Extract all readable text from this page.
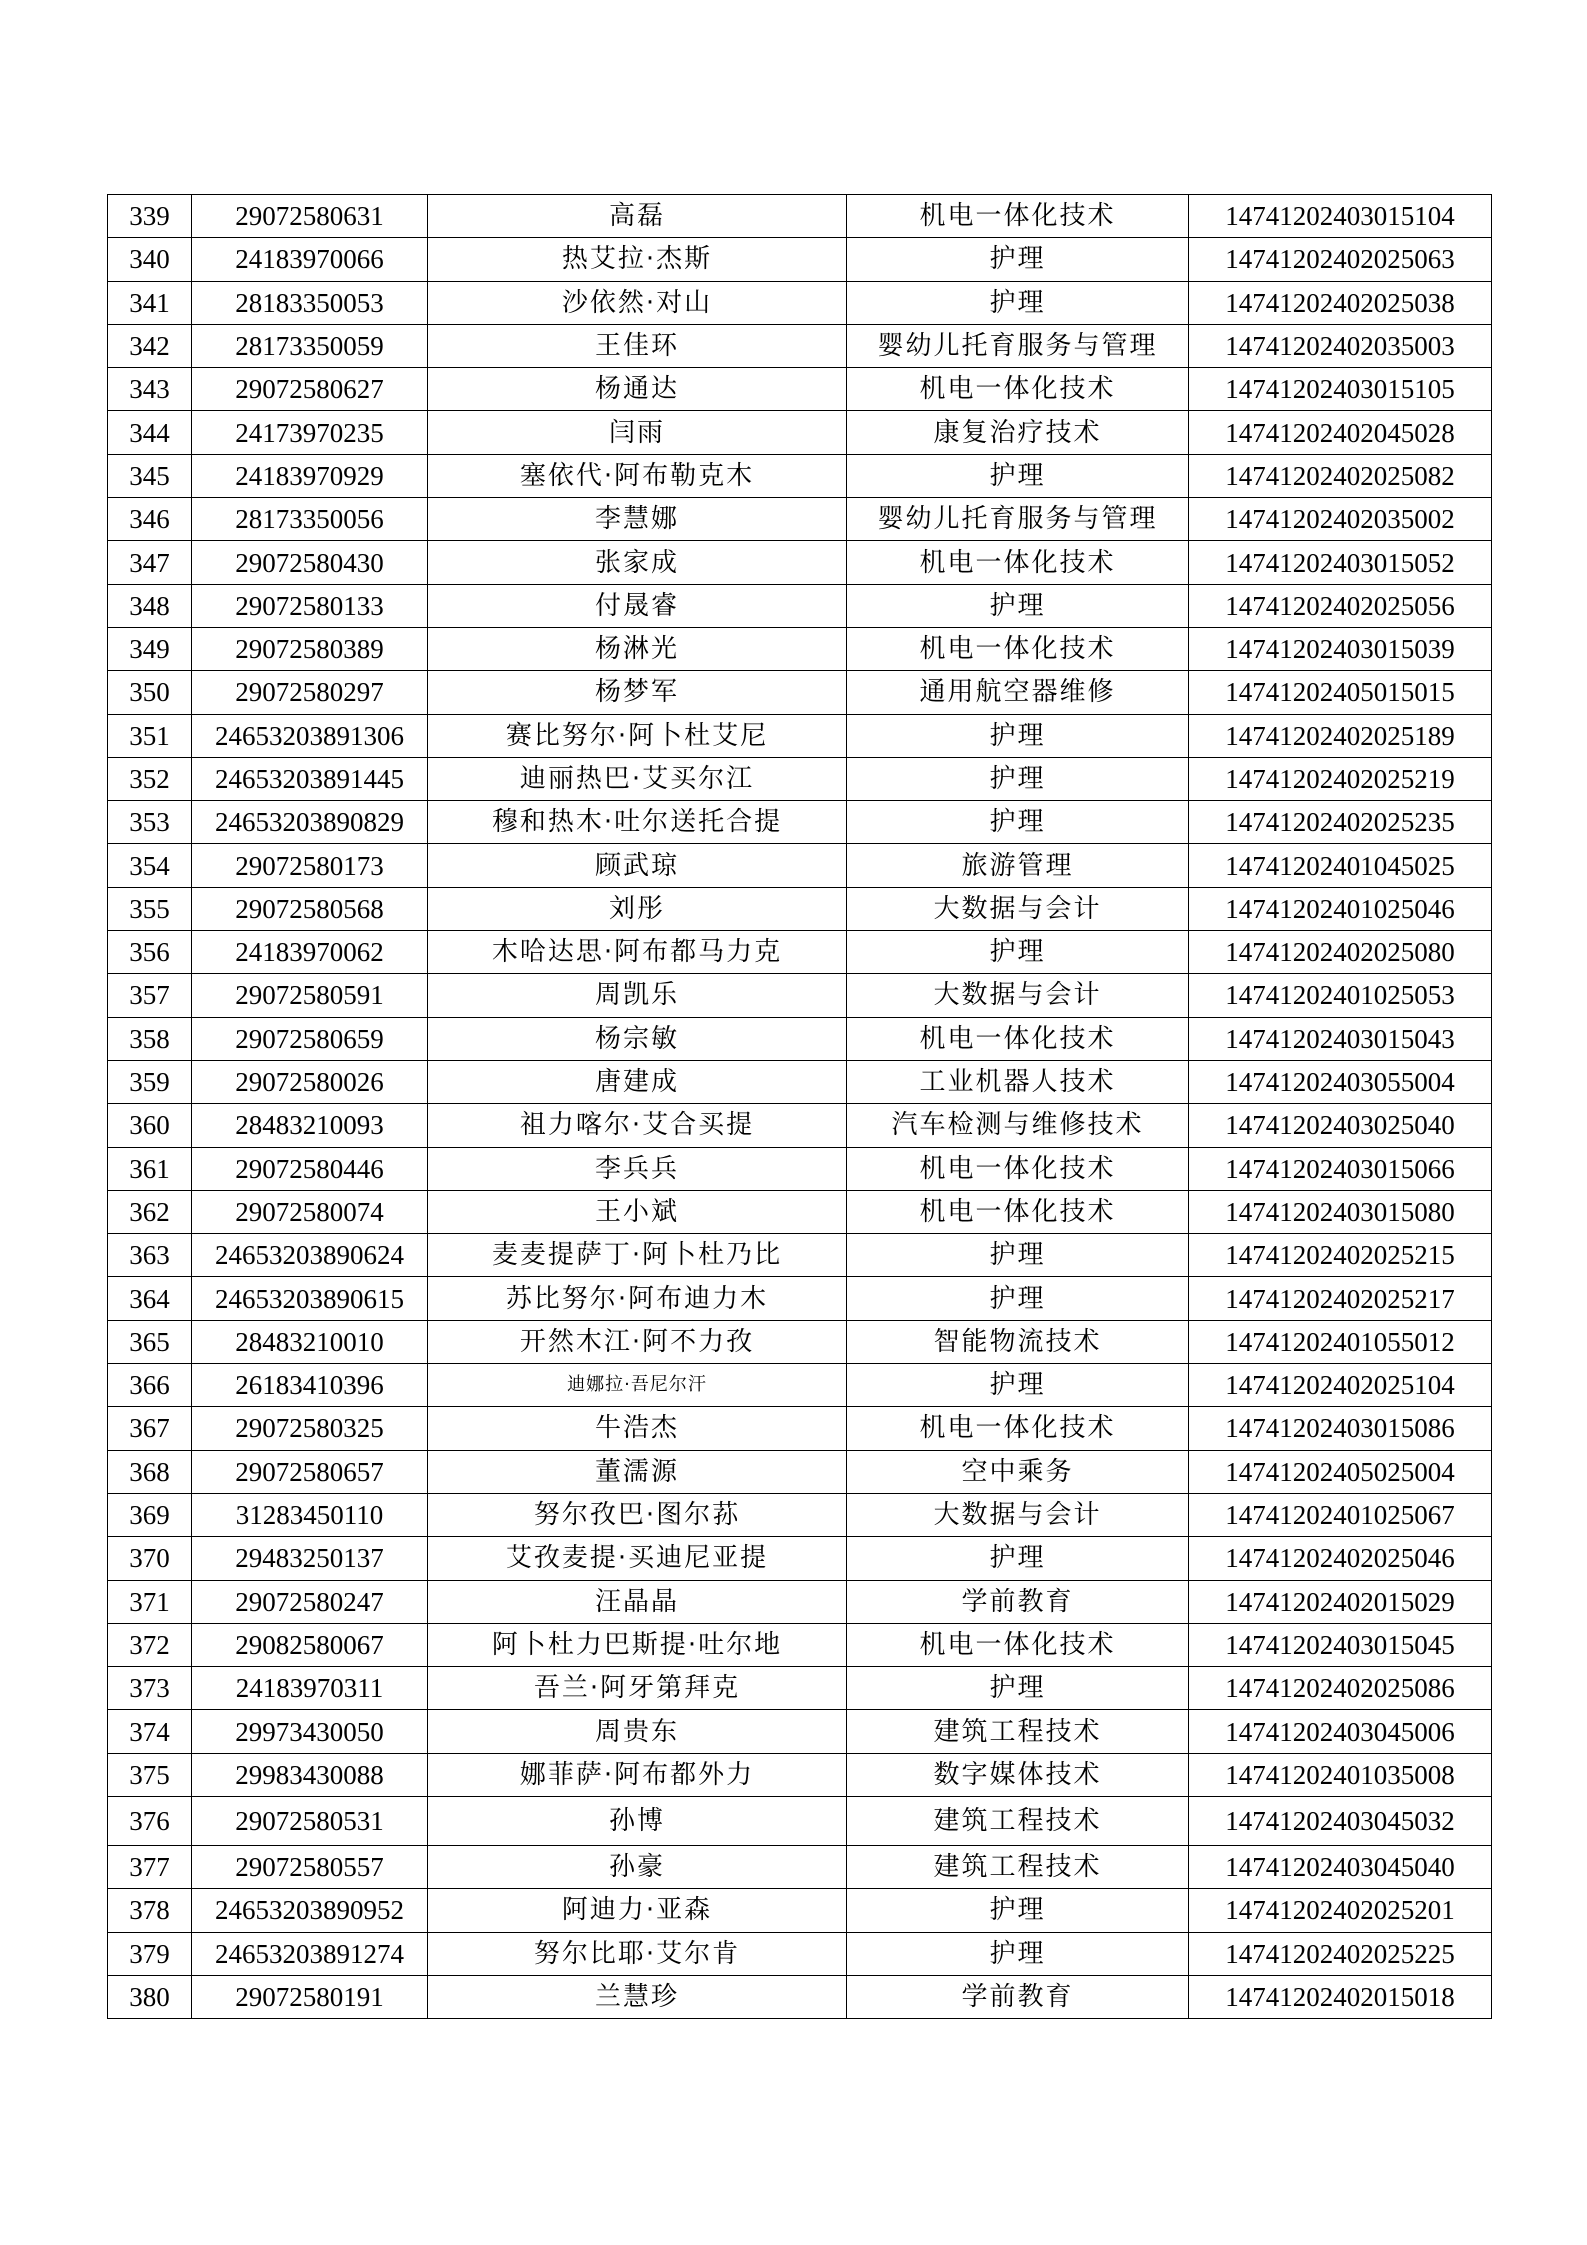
339	29072580631	高磊	机电一体化技术	14741202403015104
340	24183970066	热艾拉·杰斯	护理	14741202402025063
341	28183350053	沙依然·对山	护理	14741202402025038
342	28173350059	王佳环	婴幼儿托育服务与管理	14741202402035003
343	29072580627	杨通达	机电一体化技术	14741202403015105
344	24173970235	闫雨	康复治疗技术	14741202402045028
345	24183970929	塞依代·阿布勒克木	护理	14741202402025082
346	28173350056	李慧娜	婴幼儿托育服务与管理	14741202402035002
347	29072580430	张家成	机电一体化技术	14741202403015052
348	29072580133	付晟睿	护理	14741202402025056
349	29072580389	杨淋光	机电一体化技术	14741202403015039
350	29072580297	杨梦军	通用航空器维修	14741202405015015
351	24653203891306	赛比努尔·阿卜杜艾尼	护理	14741202402025189
352	24653203891445	迪丽热巴·艾买尔江	护理	14741202402025219
353	24653203890829	穆和热木·吐尔送托合提	护理	14741202402025235
354	29072580173	顾武琼	旅游管理	14741202401045025
355	29072580568	刘彤	大数据与会计	14741202401025046
356	24183970062	木哈达思·阿布都马力克	护理	14741202402025080
357	29072580591	周凯乐	大数据与会计	14741202401025053
358	29072580659	杨宗敏	机电一体化技术	14741202403015043
359	29072580026	唐建成	工业机器人技术	14741202403055004
360	28483210093	祖力喀尔·艾合买提	汽车检测与维修技术	14741202403025040
361	29072580446	李兵兵	机电一体化技术	14741202403015066
362	29072580074	王小斌	机电一体化技术	14741202403015080
363	24653203890624	麦麦提萨丁·阿卜杜乃比	护理	14741202402025215
364	24653203890615	苏比努尔·阿布迪力木	护理	14741202402025217
365	28483210010	开然木江·阿不力孜	智能物流技术	14741202401055012
366	26183410396	迪娜拉·吾尼尔汗	护理	14741202402025104
367	29072580325	牛浩杰	机电一体化技术	14741202403015086
368	29072580657	董濡源	空中乘务	14741202405025004
369	31283450110	努尔孜巴·图尔荪	大数据与会计	14741202401025067
370	29483250137	艾孜麦提·买迪尼亚提	护理	14741202402025046
371	29072580247	汪晶晶	学前教育	14741202402015029
372	29082580067	阿卜杜力巴斯提·吐尔地	机电一体化技术	14741202403015045
373	24183970311	吾兰·阿牙第拜克	护理	14741202402025086
374	29973430050	周贵东	建筑工程技术	14741202403045006
375	29983430088	娜菲萨·阿布都外力	数字媒体技术	14741202401035008
376	29072580531	孙博	建筑工程技术	14741202403045032
377	29072580557	孙豪	建筑工程技术	14741202403045040
378	24653203890952	阿迪力·亚森	护理	14741202402025201
379	24653203891274	努尔比耶·艾尔肯	护理	14741202402025225
380	29072580191	兰慧珍	学前教育	14741202402015018
